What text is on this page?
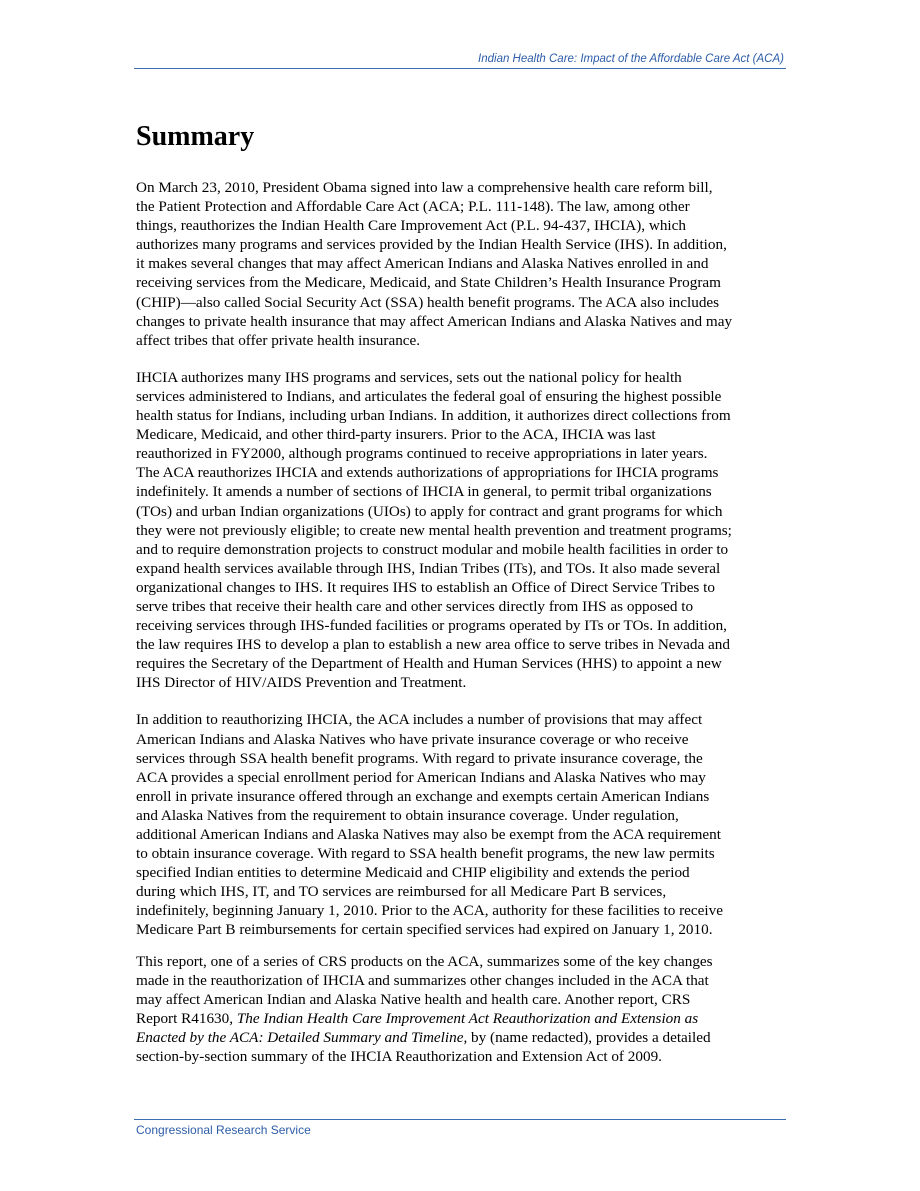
Indian Health Care: Impact of the Affordable Care Act (ACA)
Summary

On March 23, 2010, President Obama signed into law a comprehensive health care reform bill,
the Patient Protection and Affordable Care Act (ACA; P.L. 111-148). The law, among other
things, reauthorizes the Indian Health Care Improvement Act (P.L. 94-437, IHCIA), which
authorizes many programs and services provided by the Indian Health Service (IHS). In addition,
it makes several changes that may affect American Indians and Alaska Natives enrolled in and
receiving services from the Medicare, Medicaid, and State Children’s Health Insurance Program
(CHIP)—also called Social Security Act (SSA) health benefit programs. The ACA also includes
changes to private health insurance that may affect American Indians and Alaska Natives and may
affect tribes that offer private health insurance.

IHCIA authorizes many IHS programs and services, sets out the national policy for health
services administered to Indians, and articulates the federal goal of ensuring the highest possible
health status for Indians, including urban Indians. In addition, it authorizes direct collections from
Medicare, Medicaid, and other third-party insurers. Prior to the ACA, IHCIA was last
reauthorized in FY2000, although programs continued to receive appropriations in later years.
The ACA reauthorizes IHCIA and extends authorizations of appropriations for IHCIA programs
indefinitely. It amends a number of sections of IHCIA in general, to permit tribal organizations
(TOs) and urban Indian organizations (UIOs) to apply for contract and grant programs for which
they were not previously eligible; to create new mental health prevention and treatment programs;
and to require demonstration projects to construct modular and mobile health facilities in order to
expand health services available through IHS, Indian Tribes (ITs), and TOs. It also made several
organizational changes to IHS. It requires IHS to establish an Office of Direct Service Tribes to
serve tribes that receive their health care and other services directly from IHS as opposed to
receiving services through IHS-funded facilities or programs operated by ITs or TOs. In addition,
the law requires IHS to develop a plan to establish a new area office to serve tribes in Nevada and
requires the Secretary of the Department of Health and Human Services (HHS) to appoint a new
IHS Director of HIV/AIDS Prevention and Treatment.

In addition to reauthorizing IHCIA, the ACA includes a number of provisions that may affect
American Indians and Alaska Natives who have private insurance coverage or who receive
services through SSA health benefit programs. With regard to private insurance coverage, the
ACA provides a special enrollment period for American Indians and Alaska Natives who may
enroll in private insurance offered through an exchange and exempts certain American Indians
and Alaska Natives from the requirement to obtain insurance coverage. Under regulation,
additional American Indians and Alaska Natives may also be exempt from the ACA requirement
to obtain insurance coverage. With regard to SSA health benefit programs, the new law permits
specified Indian entities to determine Medicaid and CHIP eligibility and extends the period
during which IHS, IT, and TO services are reimbursed for all Medicare Part B services,
indefinitely, beginning January 1, 2010. Prior to the ACA, authority for these facilities to receive
Medicare Part B reimbursements for certain specified services had expired on January 1, 2010.

This report, one of a series of CRS products on the ACA, summarizes some of the key changes
made in the reauthorization of IHCIA and summarizes other changes included in the ACA that
may affect American Indian and Alaska Native health and health care. Another report, CRS
Report R41630, The Indian Health Care Improvement Act Reauthorization and Extension as
Enacted by the ACA: Detailed Summary and Timeline, by (name redacted), provides a detailed
section-by-section summary of the IHCIA Reauthorization and Extension Act of 2009.

Congressional Research Service
